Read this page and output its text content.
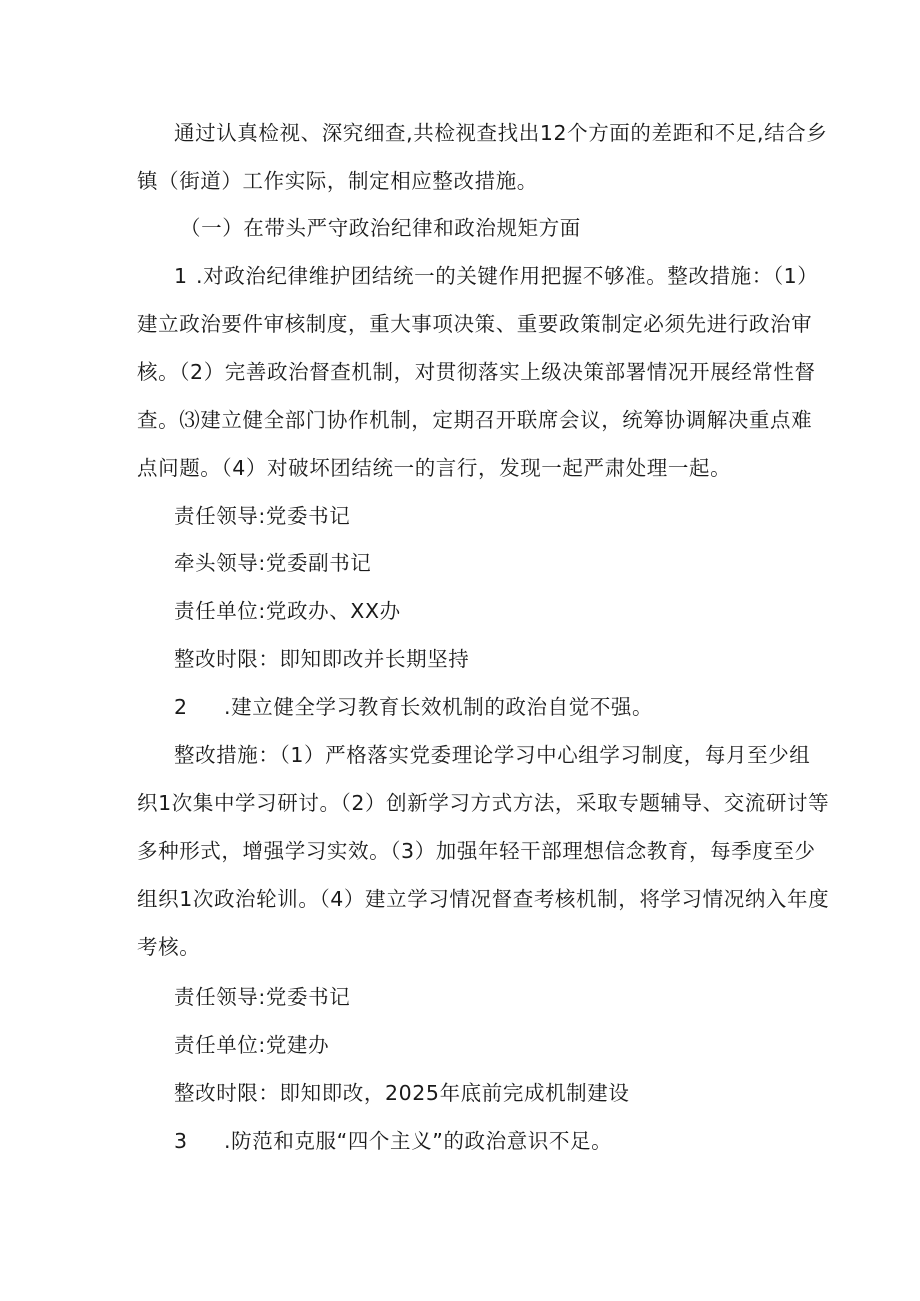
通过认真检视、深究细查,共检视查找出12个方面的差距和不足,结合乡
镇（街道）工作实际，制定相应整改措施。
（一）在带头严守政治纪律和政治规矩方面
1 .对政治纪律维护团结统一的关键作用把握不够准。整改措施：（1）
建立政治要件审核制度，重大事项决策、重要政策制定必须先进行政治审
核。（2）完善政治督查机制，对贯彻落实上级决策部署情况开展经常性督
查。⑶建立健全部门协作机制，定期召开联席会议，统筹协调解决重点难
点问题。（4）对破坏团结统一的言行，发现一起严肃处理一起。
责任领导:党委书记
牵头领导:党委副书记
责任单位:党政办、XX办
整改时限：即知即改并长期坚持
2 .建立健全学习教育长效机制的政治自觉不强。
整改措施：（1）严格落实党委理论学习中心组学习制度，每月至少组
织1次集中学习研讨。（2）创新学习方式方法，采取专题辅导、交流研讨等
多种形式，增强学习实效。（3）加强年轻干部理想信念教育，每季度至少
组织1次政治轮训。（4）建立学习情况督查考核机制，将学习情况纳入年度
考核。
责任领导:党委书记
责任单位:党建办
整改时限：即知即改，2025年底前完成机制建设
3 .防范和克服“四个主义”的政治意识不足。
